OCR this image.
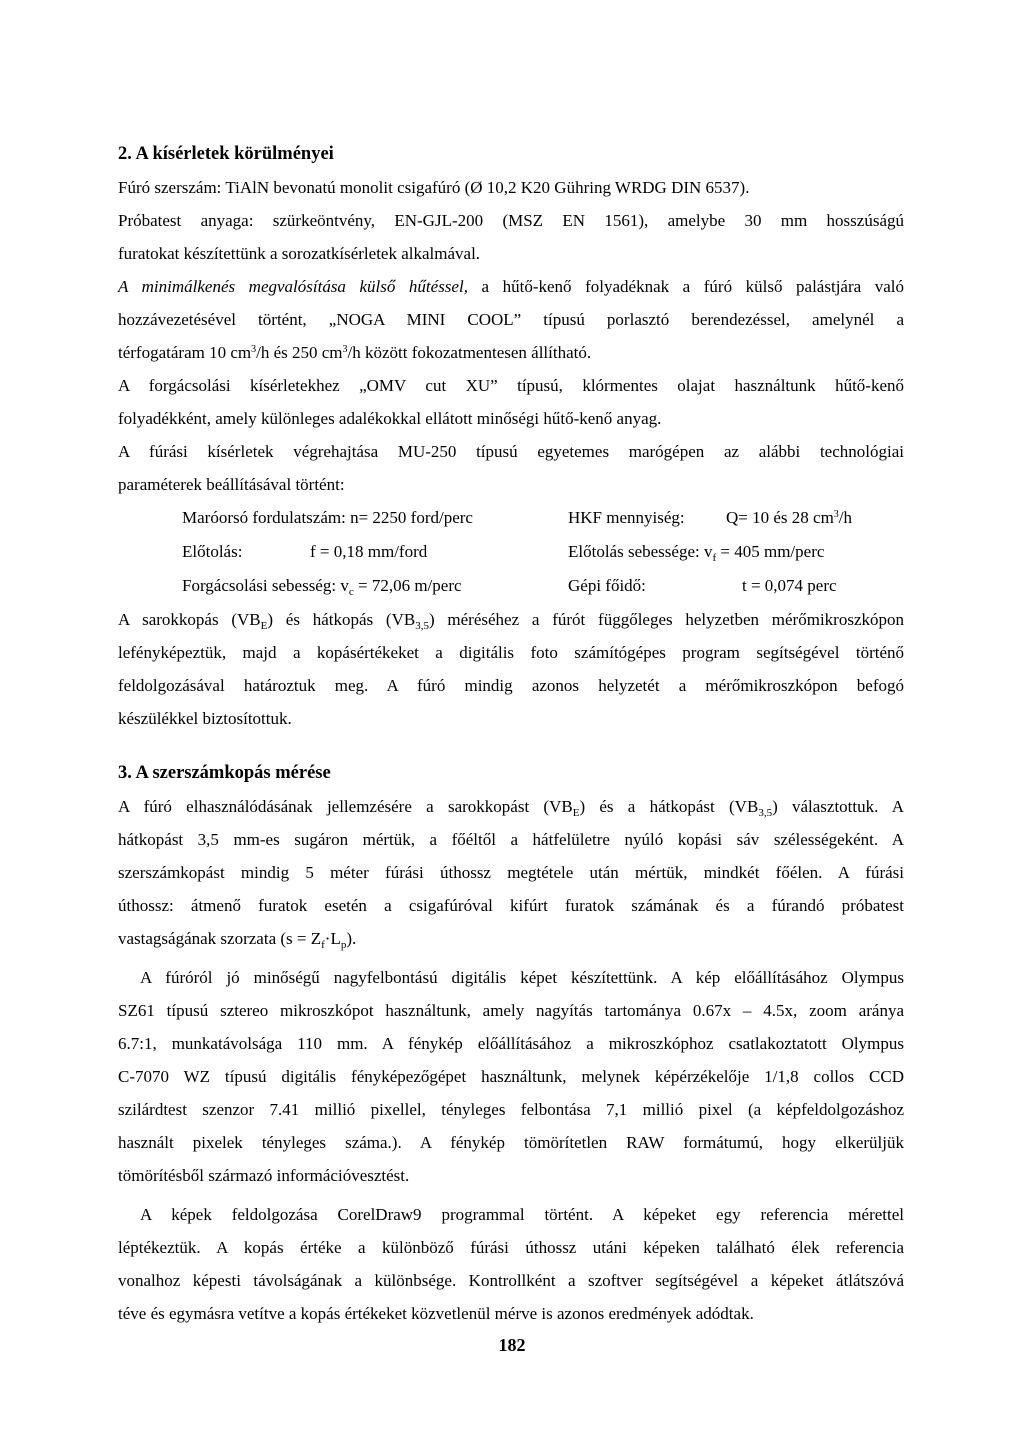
2. A kísérletek körülményei
Fúró szerszám: TiAlN bevonatú monolit csigafúró (Ø 10,2 K20 Gühring WRDG DIN 6537).
Próbatest anyaga: szürkeöntvény, EN-GJL-200 (MSZ EN 1561), amelybe 30 mm hosszúságú
furatokat készítettünk a sorozatkísérletek alkalmával.
A minimálkenés megvalósítása külső hűtéssel, a hűtő-kenő folyadéknak a fúró külső palástjára való
hozzávezetésével történt, „NOGA MINI COOL” típusú porlasztó berendezéssel, amelynél a
térfogatáram 10 $cm^3/h$ és 250 $cm^3/h$ között fokozatmentesen állítható.
A forgácsolási kísérletekhez „OMV cut XU” típusú, klórmentes olajat használtunk hűtő-kenő
folyadékként, amely különleges adalékokkal ellátott minőségi hűtő-kenő anyag.
A fúrási kísérletek végrehajtása MU-250 típusú egyetemes marógépen az alábbi technológiai
paraméterek beállításával történt:
Maróorsó fordulatszám: n= 2250 ford/perc	HKF mennyiség: Q= 10 és 28 $cm^3/h$
Előtolás:	f = 0,18 mm/ford	Előtolás sebessége: $v_f = 405$ mm/perc
Forgácsolási sebesség: $v_c = 72,06$ m/perc	Gépi főidő:	t = 0,074 perc
A sarokkopás $(VB_E)$ és hátkopás $(VB_{3,5})$ méréséhez a fúrót függőleges helyzetben mérőmikroszkópon
lefényképeztük, majd a kopásértékeket a digitális foto számítógépes program segítségével történő
feldolgozásával határoztuk meg. A fúró mindig azonos helyzetét a mérőmikroszkópon befogó
készülékkel biztosítottuk.
3. A szerszámkopás mérése
A fúró elhasználódásának jellemzésére a sarokkopást $(VB_E)$ és a hátkopást $(VB_{3,5})$ választottuk. A
hátkopást 3,5 mm-es sugáron mértük, a főéltől a hátfelületre nyúló kopási sáv szélességeként. A
szerszámkopást mindig 5 méter fúrási úthossz megtétele után mértük, mindkét főélen. A fúrási
úthossz: átmenő furatok esetén a csigafúróval kifúrt furatok számának és a fúrandó próbatest
vastagságának szorzata $(s = Z_f\cdot L_p)$.
A fúróról jó minőségű nagyfelbontású digitális képet készítettünk. A kép előállításához Olympus
SZ61 típusú sztereo mikroszkópot használtunk, amely nagyítás tartománya 0.67x – 4.5x, zoom aránya
6.7:1, munkatávolsága 110 mm. A fénykép előállításához a mikroszkóphoz csatlakoztatott Olympus
C-7070 WZ típusú digitális fényképezőgépet használtunk, melynek képérzékelője 1/1,8 collos CCD
szilárdtest szenzor 7.41 millió pixellel, tényleges felbontása 7,1 millió pixel (a képfeldolgozáshoz
használt pixelek tényleges száma.). A fénykép tömörítetlen RAW formátumú, hogy elkerüljük
tömörítésből származó információvesztést.
A képek feldolgozása CorelDraw9 programmal történt. A képeket egy referencia mérettel
léptékeztük. A kopás értéke a különböző fúrási úthossz utáni képeken található élek referencia
vonalhoz képesti távolságának a különbsége. Kontrollként a szoftver segítségével a képeket átlátszóvá
téve és egymásra vetítve a kopás értékeket közvetlenül mérve is azonos eredmények adódtak.
182
